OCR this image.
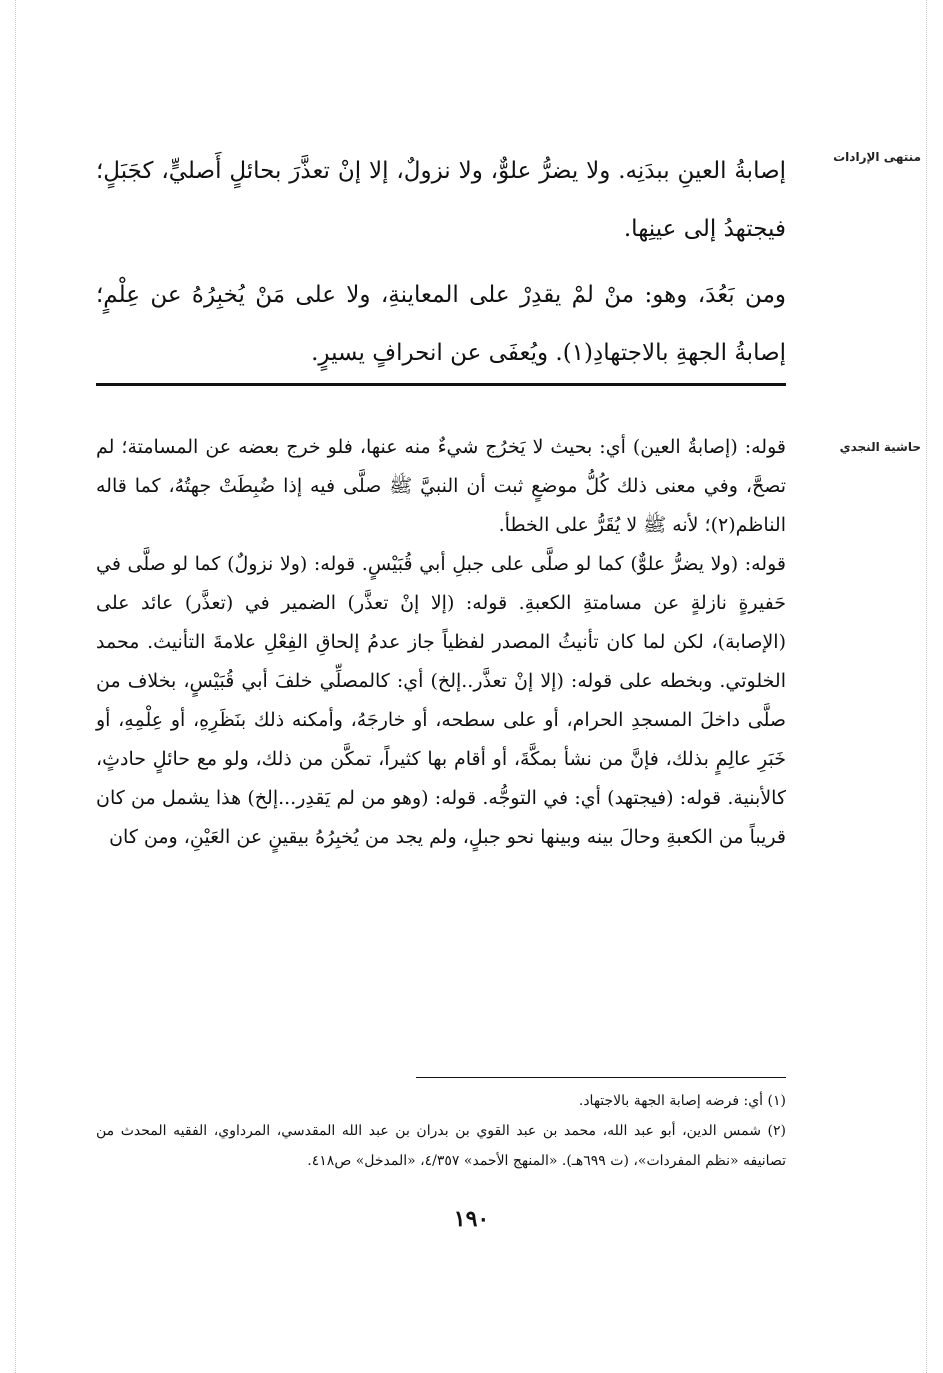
منتهى الإرادات

إصابةُ العينِ ببدَنِه. ولا يضرُّ علوٌّ، ولا نزولٌ، إلا إنْ تعذَّرَ بحائلٍ أَصليٍّ، كجَبَلٍ؛ فيجتهدُ إلى عينِها.

ومن بَعُدَ، وهو: منْ لمْ يقدِرْ على المعاينةِ، ولا على مَنْ يُخبِرُهُ عن عِلْمٍ؛ إصابةُ الجهةِ بالاجتهادِ(١). ويُعفَى عن انحرافٍ يسيرٍ.

حاشية النجدي

قوله: (إصابةُ العين) أي: بحيث لا يَخرُج شيءٌ منه عنها، فلو خرج بعضه عن المسامتة؛ لم تصحَّ، وفي معنى ذلك كُلُّ موضعٍ ثبت أن النبيَّ ﷺ صلَّى فيه إذا ضُبِطَتْ جهتُهُ، كما قاله الناظم(٢)؛ لأنه ﷺ لا يُقَرُّ على الخطأ.

قوله: (ولا يضرُّ علوٌّ) كما لو صلَّى على جبلِ أبي قُبَيْسٍ. قوله: (ولا نزولٌ) كما لو صلَّى في حَفيرةٍ نازلةٍ عن مسامتةِ الكعبةِ. قوله: (إلا إنْ تعذَّر) الضمير في (تعذَّر) عائد على (الإصابة)، لكن لما كان تأنيثُ المصدر لفظياً جاز عدمُ إلحاقِ الفِعْلِ علامةَ التأنيث. محمد الخلوتي. وبخطه على قوله: (إلا إنْ تعذَّر..إلخ) أي: كالمصلِّي خلفَ أبي قُبَيْسٍ، بخلاف من صلَّى داخلَ المسجدِ الحرام، أو على سطحه، أو خارجَهُ، وأمكنه ذلك بنَظَرِهِ، أو عِلْمِهِ، أو خَبَرِ عالِمٍ بذلك، فإنَّ من نشأ بمكَّةَ، أو أقام بها كثيراً، تمكَّن من ذلك، ولو مع حائلٍ حادثٍ، كالأبنية. قوله: (فيجتهد) أي: في التوجُّه. قوله: (وهو من لم يَقدِر...إلخ) هذا يشمل من كان قريباً من الكعبةِ وحالَ بينه وبينها نحو جبلٍ، ولم يجد من يُخبِرُهُ بيقينٍ عن العَيْنِ، ومن كان

(١) أي: فرضه إصابة الجهة بالاجتهاد.

(٢) شمس الدين، أبو عبد الله، محمد بن عبد القوي بن بدران بن عبد الله المقدسي، المرداوي، الفقيه المحدث من تصانيفه «نظم المفردات»، (ت ٦٩٩هـ). «المنهج الأحمد» ٤/٣٥٧، «المدخل» ص٤١٨.

١٩٠
